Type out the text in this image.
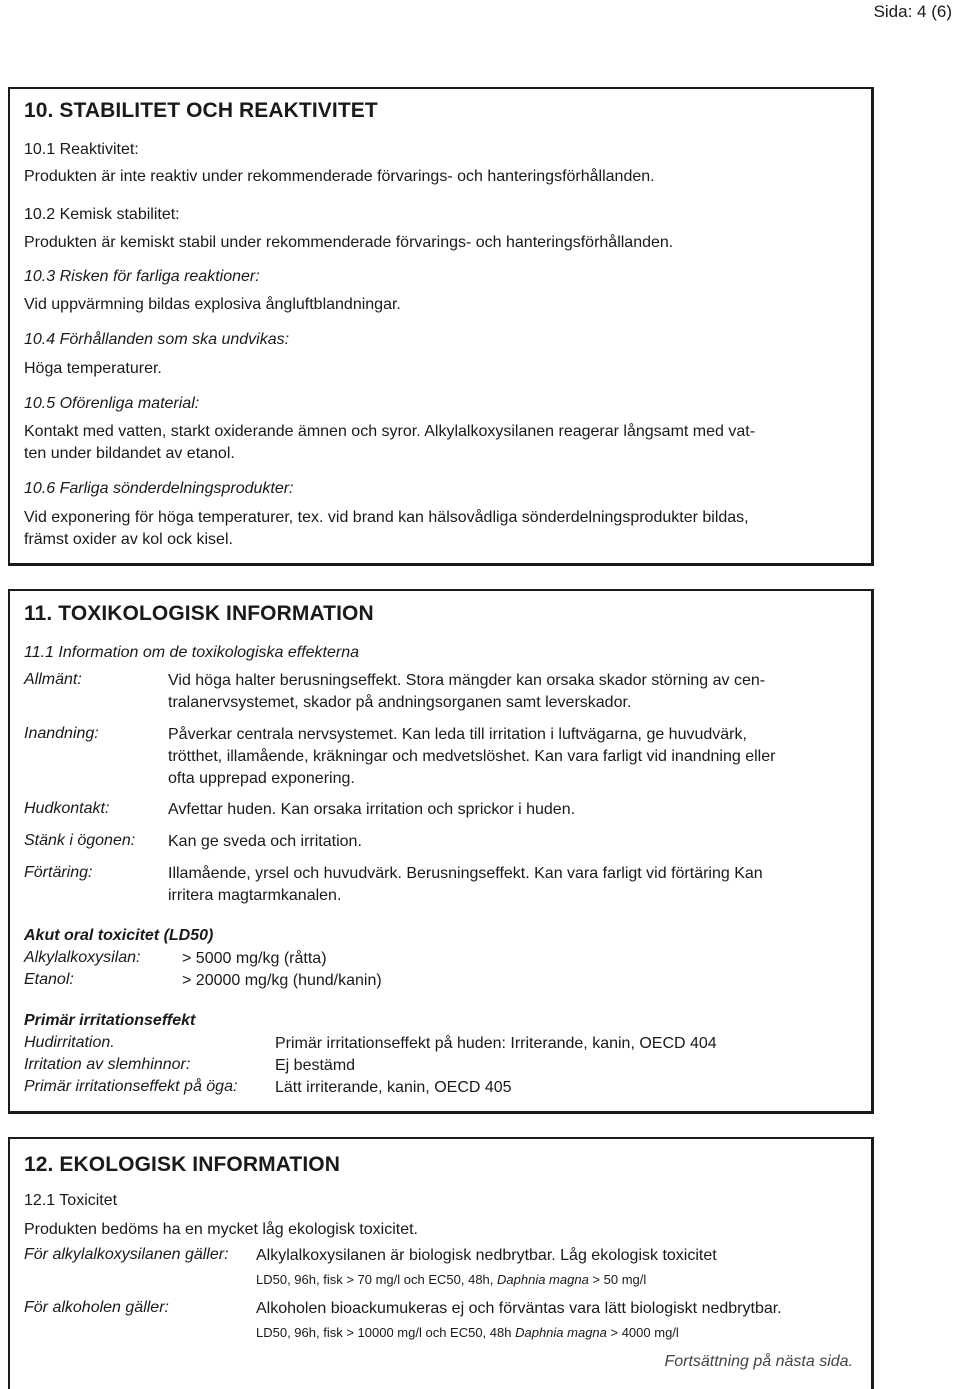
Sida: 4 (6)
10. STABILITET OCH REAKTIVITET
10.1 Reaktivitet:
Produkten är inte reaktiv under rekommenderade förvarings- och hanteringsförhållanden.
10.2 Kemisk stabilitet:
Produkten är kemiskt stabil under rekommenderade förvarings- och hanteringsförhållanden.
10.3 Risken för farliga reaktioner:
Vid uppvärmning bildas explosiva ångluftblandningar.
10.4 Förhållanden som ska undvikas:
Höga temperaturer.
10.5 Oförenliga material:
Kontakt med vatten, starkt oxiderande ämnen och syror. Alkylalkoxysilanen reagerar långsamt med vat-
ten under bildandet av etanol.
10.6 Farliga sönderdelningsprodukter:
Vid exponering för höga temperaturer, tex. vid brand kan hälsovådliga sönderdelningsprodukter bildas,
främst oxider av kol ock kisel.
11. TOXIKOLOGISK INFORMATION
11.1 Information om de toxikologiska effekterna
Allmänt:	Vid höga halter berusningseffekt. Stora mängder kan orsaka skador störning av cen-
tralanervsystemet, skador på andningsorganen samt leverskador.
Inandning:	Påverkar centrala nervsystemet. Kan leda till irritation i luftvägarna, ge huvudvärk,
trötthet, illamående, kräkningar och medvetslöshet. Kan vara farligt vid inandning eller
ofta upprepad exponering.
Hudkontakt:	Avfettar huden. Kan orsaka irritation och sprickor i huden.
Stänk i ögonen: Kan ge sveda och irritation.
Förtäring:	Illamående, yrsel och huvudvärk. Berusningseffekt. Kan vara farligt vid förtäring Kan
irritera magtarmkanalen.
Akut oral toxicitet (LD50)
Alkylalkoxysilan:	> 5000 mg/kg (råtta)
Etanol:	> 20000 mg/kg (hund/kanin)
Primär irritationseffekt
Hudirritation.	Primär irritationseffekt på huden: Irriterande, kanin, OECD 404
Irritation av slemhinnor:	Ej bestämd
Primär irritationseffekt på öga: Lätt irriterande, kanin, OECD 405
12. EKOLOGISK INFORMATION
12.1 Toxicitet
Produkten bedöms ha en mycket låg ekologisk toxicitet.
För alkylalkoxysilanen gäller: Alkylalkoxysilanen är biologisk nedbrytbar. Låg ekologisk toxicitet
LD50, 96h, fisk > 70 mg/l och EC50, 48h, Daphnia magna > 50 mg/l
För alkoholen gäller:	Alkoholen bioackumukeras ej och förväntas vara lätt biologiskt nedbrytbar.
LD50, 96h, fisk > 10000 mg/l och EC50, 48h Daphnia magna > 4000 mg/l
Fortsättning på nästa sida.
